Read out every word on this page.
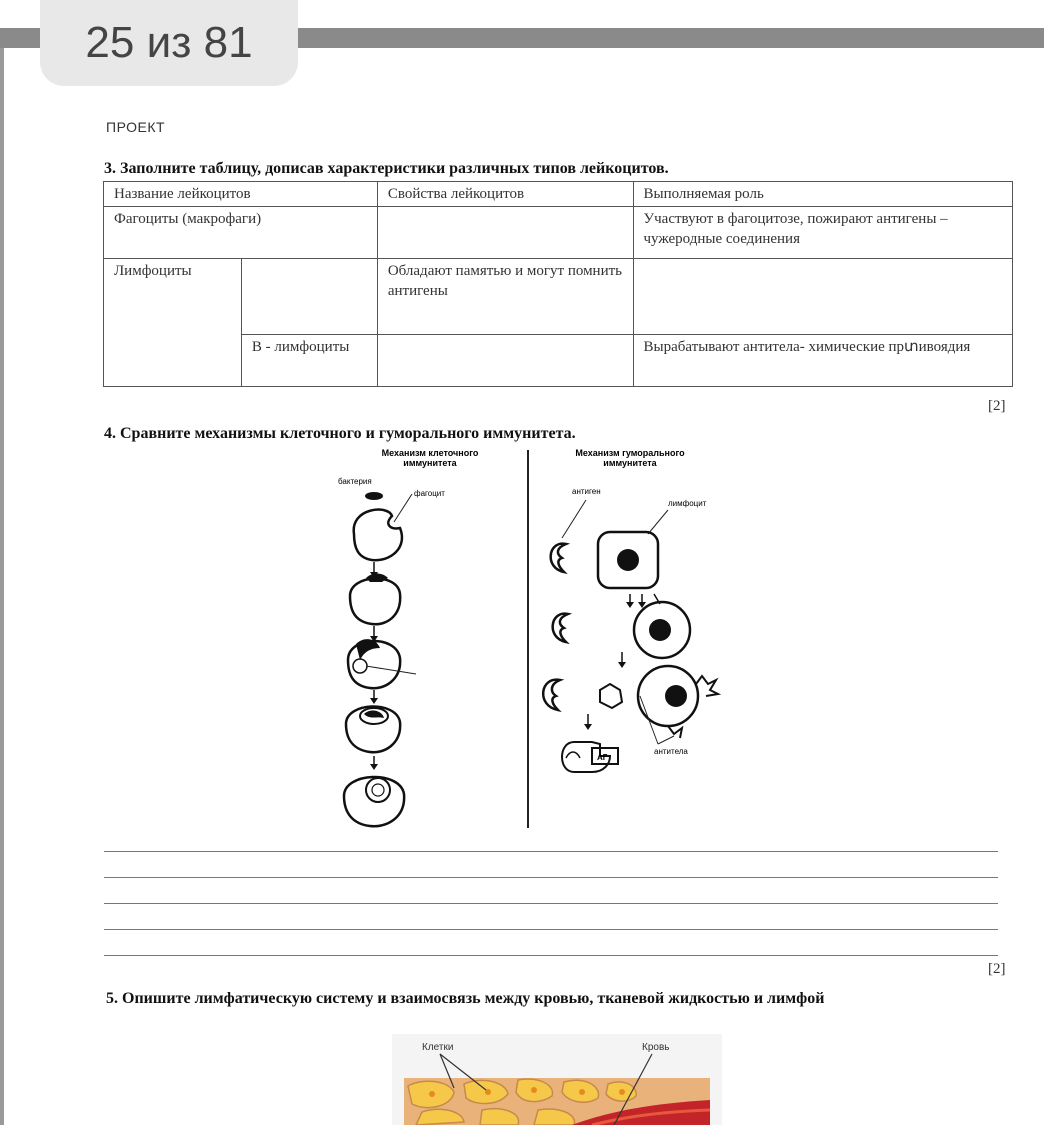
25
из
81
ПРОЕКТ
3. Заполните таблицу, дописав характеристики различных типов лейкоцитов.
Название лейкоцитов		Свойства лейкоцитов	Выполняемая роль
Фагоциты (макрофаги)			Участвуют в фагоцитозе, пожирают антигены – чужеродные соединения
Лимфоциты		Обладают памятью и могут помнить антигены	
	В - лимфоциты		Вырабатывают антитела- химические прտивоядия
[2]
4. Сравните механизмы клеточного и гуморального иммунитета.
Механизм клеточного
иммунитета
Механизм гуморального
иммунитета
бактерия
фагоцит	антиген
лимфоцит
АГ
антитела
[2]
5. Опишите лимфатическую систему и взаимосвязь между кровью, тканевой жидкостью и лимфой
Клетки	Кровь
